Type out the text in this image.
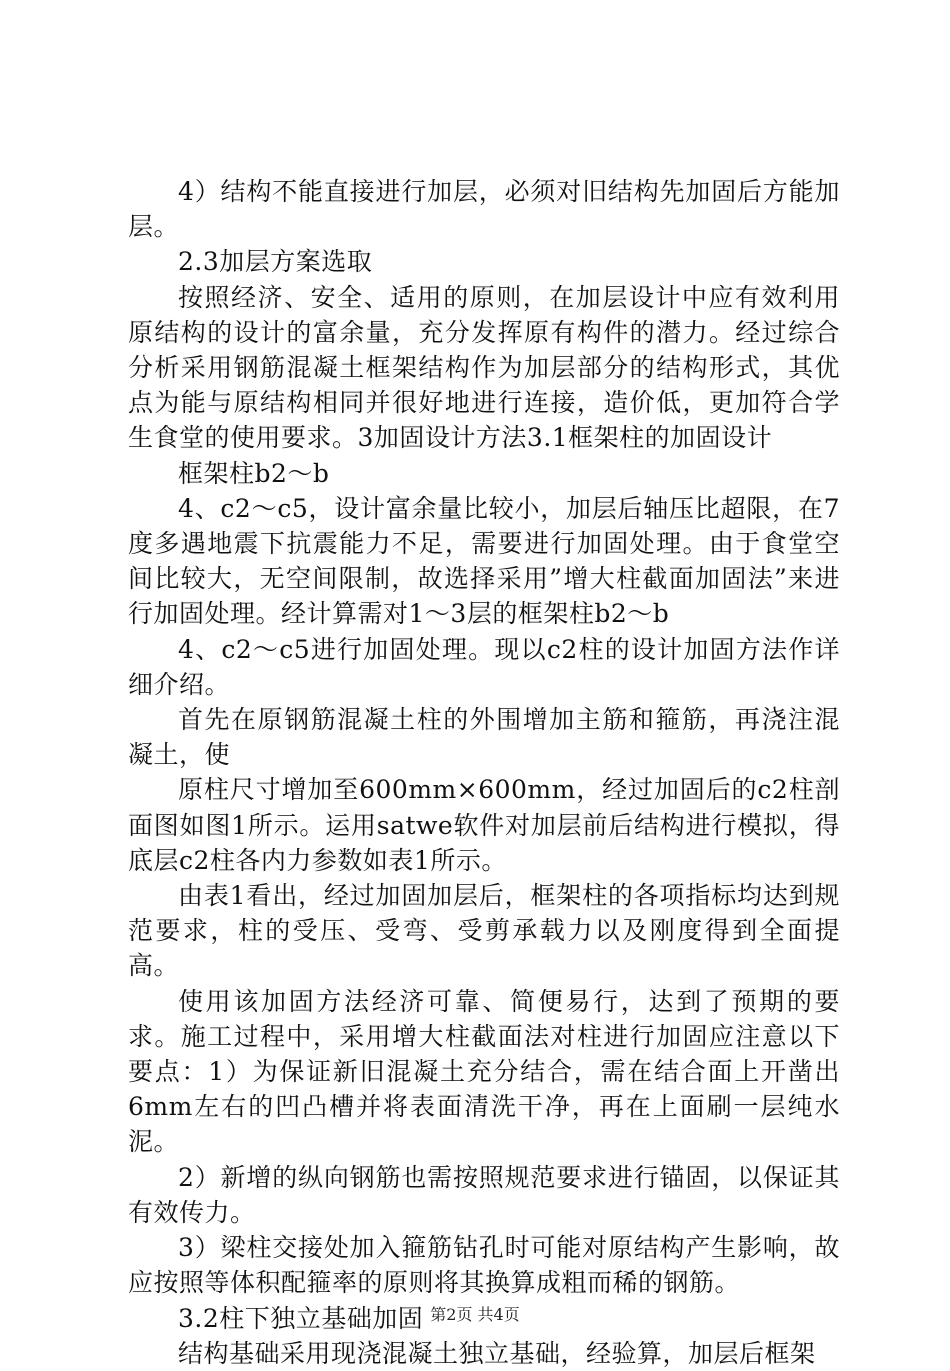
4）结构不能直接进行加层，必须对旧结构先加固后方能加层。

2.3加层方案选取

按照经济、安全、适用的原则，在加层设计中应有效利用原结构的设计的富余量，充分发挥原有构件的潜力。经过综合分析采用钢筋混凝土框架结构作为加层部分的结构形式，其优点为能与原结构相同并很好地进行连接，造价低，更加符合学生食堂的使用要求。3加固设计方法3.1框架柱的加固设计

框架柱b2～b

4、c2～c5，设计富余量比较小，加层后轴压比超限，在7度多遇地震下抗震能力不足，需要进行加固处理。由于食堂空间比较大，无空间限制，故选择采用”增大柱截面加固法”来进行加固处理。经计算需对1～3层的框架柱b2～b

4、c2～c5进行加固处理。现以c2柱的设计加固方法作详细介绍。

首先在原钢筋混凝土柱的外围增加主筋和箍筋，再浇注混凝土，使

原柱尺寸增加至600mm×600mm，经过加固后的c2柱剖面图如图1所示。运用satwe软件对加层前后结构进行模拟，得底层c2柱各内力参数如表1所示。

由表1看出，经过加固加层后，框架柱的各项指标均达到规范要求，柱的受压、受弯、受剪承载力以及刚度得到全面提高。

使用该加固方法经济可靠、简便易行，达到了预期的要求。施工过程中，采用增大柱截面法对柱进行加固应注意以下要点：1）为保证新旧混凝土充分结合，需在结合面上开凿出6mm左右的凹凸槽并将表面清洗干净，再在上面刷一层纯水泥。

2）新增的纵向钢筋也需按照规范要求进行锚固，以保证其有效传力。

3）梁柱交接处加入箍筋钻孔时可能对原结构产生影响，故应按照等体积配箍率的原则将其换算成粗而稀的钢筋。

3.2柱下独立基础加固

结构基础采用现浇混凝土独立基础，经验算，加层后框架

第2页 共4页
